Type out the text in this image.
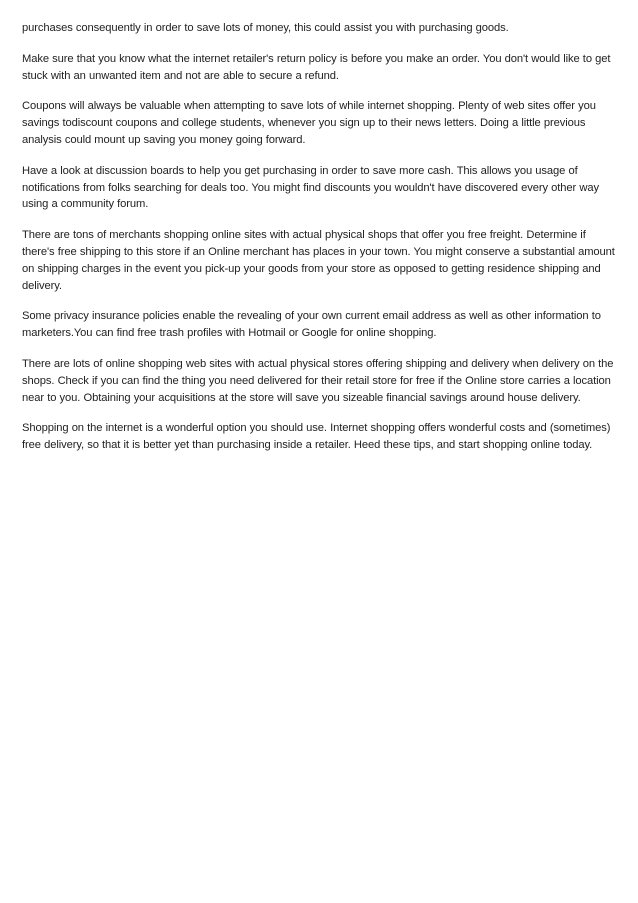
purchases consequently in order to save lots of money, this could assist you with purchasing goods.

Make sure that you know what the internet retailer's return policy is before you make an order. You don't would like to get stuck with an unwanted item and not are able to secure a refund.

Coupons will always be valuable when attempting to save lots of while internet shopping. Plenty of web sites offer you savings todiscount coupons and college students, whenever you sign up to their news letters. Doing a little previous analysis could mount up saving you money going forward.

Have a look at discussion boards to help you get purchasing in order to save more cash. This allows you usage of notifications from folks searching for deals too. You might find discounts you wouldn't have discovered every other way using a community forum.

There are tons of merchants shopping online sites with actual physical shops that offer you free freight. Determine if there's free shipping to this store if an Online merchant has places in your town. You might conserve a substantial amount on shipping charges in the event you pick-up your goods from your store as opposed to getting residence shipping and delivery.

Some privacy insurance policies enable the revealing of your own current email address as well as other information to marketers.You can find free trash profiles with Hotmail or Google for online shopping.

There are lots of online shopping web sites with actual physical stores offering shipping and delivery when delivery on the shops. Check if you can find the thing you need delivered for their retail store for free if the Online store carries a location near to you. Obtaining your acquisitions at the store will save you sizeable financial savings around house delivery.

Shopping on the internet is a wonderful option you should use. Internet shopping offers wonderful costs and (sometimes) free delivery, so that it is better yet than purchasing inside a retailer. Heed these tips, and start shopping online today.
